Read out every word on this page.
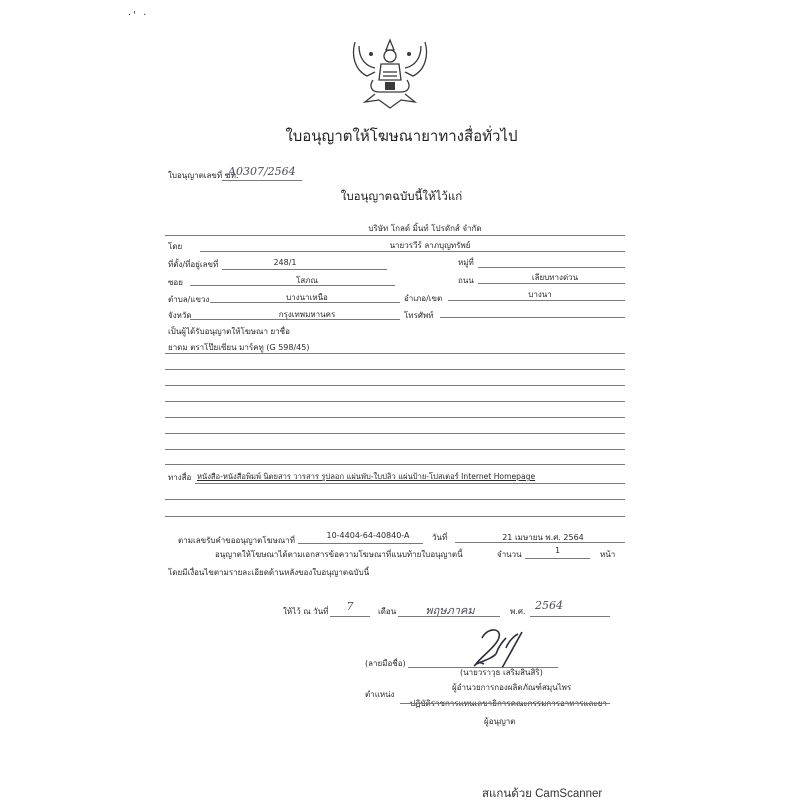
·' ·
ใบอนุญาตให้โฆษณายาทางสื่อทั่วไป
ใบอนุญาตเลขที่ ฆท.
A0307/2564
ใบอนุญาตฉบับนี้ให้ไว้แก่
บริษัท โกลด์ มิ้นท์ โปรดักส์ จำกัด
โดย	นายวรวีร์ ลาภบุญทรัพย์
ที่ตั้ง/ที่อยู่เลขที่	248/1	หมู่ที่
ซอย	โสภณ	ถนน	เลียบทางด่วน
ตำบล/แขวง	บางนาเหนือ	อำเภอ/เขต	บางนา
จังหวัด	กรุงเทพมหานคร	โทรศัพท์
เป็นผู้ได้รับอนุญาตให้โฆษณา ยาชื่อ
ยาดม ตราโป๊ยเซียน มาร์คทู (G 598/45)
ทางสื่อ หนังสือ-หนังสือพิมพ์ นิตยสาร วารสาร รูปลอก แผ่นพับ-ใบปลิว แผ่นป้าย-โปสเตอร์ Internet Homepage
ตามเลขรับคำขออนุญาตโฆษณาที่
10-4404-64-40840-A	วันที่	21 เมษายน พ.ศ. 2564
อนุญาตให้โฆษณาได้ตามเอกสารข้อความโฆษณาที่แนบท้ายใบอนุญาตนี้	จำนวน	1	หน้า
โดยมีเงื่อนไขตามรายละเอียดด้านหลังของใบอนุญาตฉบับนี้
ให้ไว้ ณ วันที่	7	เดือน	พฤษภาคม	พ.ศ. 2564
(ลายมือชื่อ)
(นายวราวุธ เสริมสินสิริ)
ตำแหน่ง
ผู้อำนวยการกองผลิตภัณฑ์สมุนไพร
ปฏิบัติราชการแทนเลขาธิการคณะกรรมการอาหารและยา
ผู้อนุญาต
สแกนด้วย CamScanner
